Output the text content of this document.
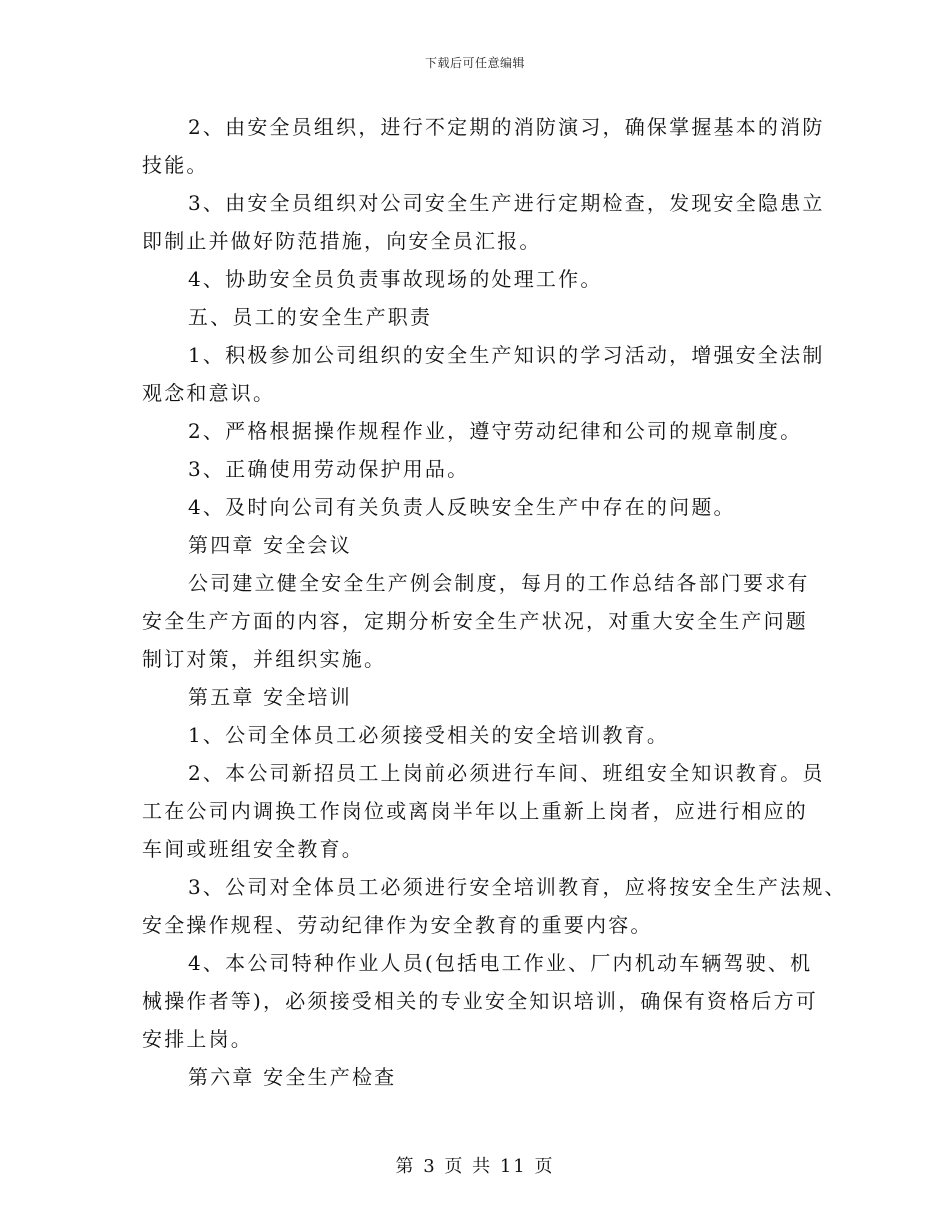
下载后可任意编辑
2、由安全员组织，进行不定期的消防演习，确保掌握基本的消防
技能。
3、由安全员组织对公司安全生产进行定期检查，发现安全隐患立
即制止并做好防范措施，向安全员汇报。
4、协助安全员负责事故现场的处理工作。
五、员工的安全生产职责
1、积极参加公司组织的安全生产知识的学习活动，增强安全法制
观念和意识。
2、严格根据操作规程作业，遵守劳动纪律和公司的规章制度。
3、正确使用劳动保护用品。
4、及时向公司有关负责人反映安全生产中存在的问题。
第四章 安全会议
公司建立健全安全生产例会制度，每月的工作总结各部门要求有
安全生产方面的内容，定期分析安全生产状况，对重大安全生产问题
制订对策，并组织实施。
第五章 安全培训
1、公司全体员工必须接受相关的安全培训教育。
2、本公司新招员工上岗前必须进行车间、班组安全知识教育。员
工在公司内调换工作岗位或离岗半年以上重新上岗者，应进行相应的
车间或班组安全教育。
3、公司对全体员工必须进行安全培训教育，应将按安全生产法规、
安全操作规程、劳动纪律作为安全教育的重要内容。
4、本公司特种作业人员(包括电工作业、厂内机动车辆驾驶、机
械操作者等)，必须接受相关的专业安全知识培训，确保有资格后方可
安排上岗。
第六章 安全生产检查
第 3 页 共 11 页
